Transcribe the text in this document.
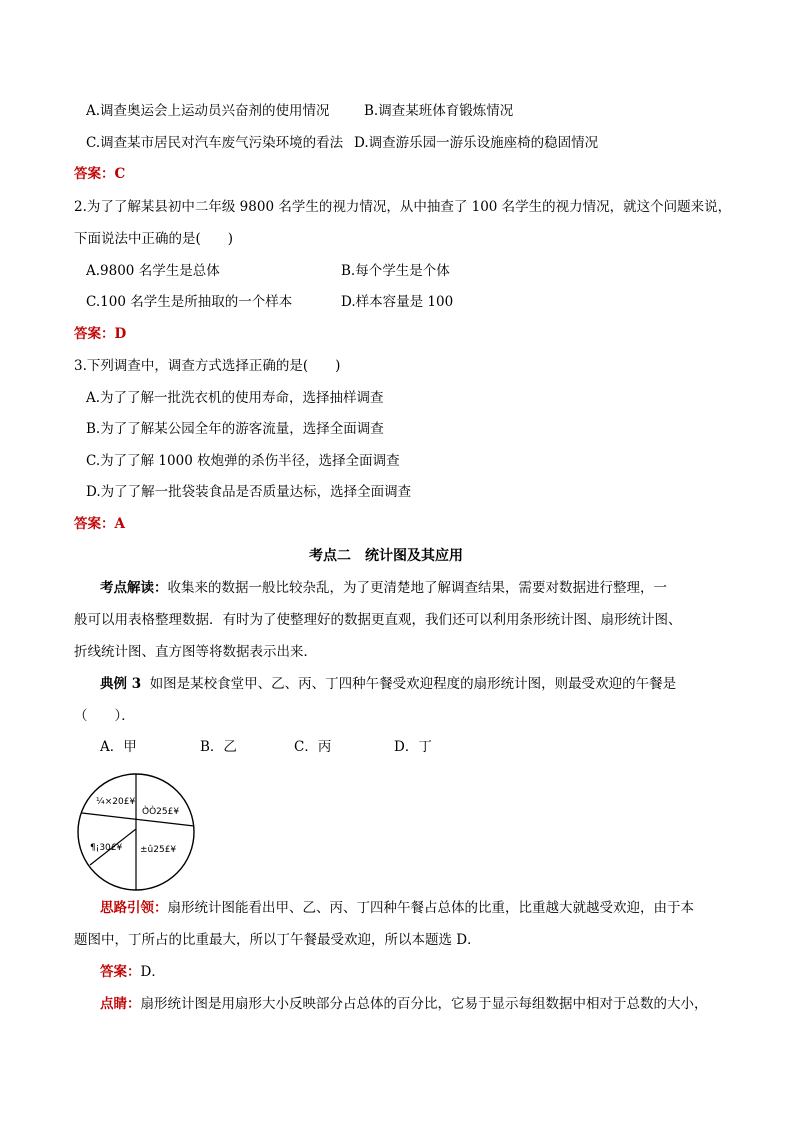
A.调查奥运会上运动员兴奋剂的使用情况	B.调查某班体育锻炼情况
C.调查某市居民对汽车废气污染环境的看法 D.调查游乐园一游乐设施座椅的稳固情况
答案：C
2.为了了解某县初中二年级 9800 名学生的视力情况，从中抽查了 100 名学生的视力情况，就这个问题来说，
下面说法中正确的是(　　)
A.9800 名学生是总体	B.每个学生是个体
C.100 名学生是所抽取的一个样本	D.样本容量是 100
答案：D
3.下列调查中，调查方式选择正确的是(　　)
A.为了了解一批洗衣机的使用寿命，选择抽样调查
B.为了了解某公园全年的游客流量，选择全面调查
C.为了了解 1000 枚炮弹的杀伤半径，选择全面调查
D.为了了解一批袋装食品是否质量达标，选择全面调查
答案：A
考点二　统计图及其应用
考点解读：收集来的数据一般比较杂乱，为了更清楚地了解调查结果，需要对数据进行整理，一
般可以用表格整理数据．有时为了使整理好的数据更直观，我们还可以利用条形统计图、扇形统计图、
折线统计图、直方图等将数据表示出来．
典例 3 如图是某校食堂甲、乙、丙、丁四种午餐受欢迎程度的扇形统计图，则最受欢迎的午餐是
（　　）．
A．甲	B．乙	C．丙	D．丁
¼×20£¥
Ò̂Ò25£¥
¶¡30£¥ ±û25£¥
思路引领：扇形统计图能看出甲、乙、丙、丁四种午餐占总体的比重，比重越大就越受欢迎，由于本
题图中，丁所占的比重最大，所以丁午餐最受欢迎，所以本题选 D．
答案：D．
点睛：扇形统计图是用扇形大小反映部分占总体的百分比，它易于显示每组数据中相对于总数的大小，
